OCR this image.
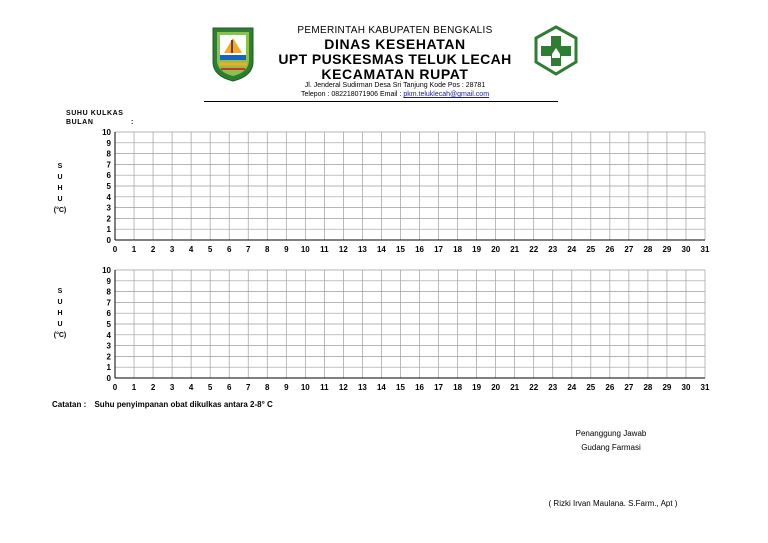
PEMERINTAH KABUPATEN BENGKALIS
DINAS KESEHATAN
UPT PUSKESMAS TELUK LECAH
KECAMATAN RUPAT
Jl. Jenderal Sudirman Desa Sri Tanjung Kode Pos : 28781
Telepon : 082218071906 Email : pkm.teluklecah@gmail.com
SUHU KULKAS
BULAN	:
S
U
H
U
(°C)
S
U
H
U
(°C)
10
9
8
7
6
5
4
3
2
1
0
0 1 2 3 4 5 6 7 8 9 10 11 12 13 14 15 16 17 18 19 20 21 22 23 24 25 26 27 28 29 30 31
10
9
8
7
6
5
4
3
2
1
0
0 1 2 3 4 5 6 7 8 9 10 11 12 13 14 15 16 17 18 19 20 21 22 23 24 25 26 27 28 29 30 31
Catatan : Suhu penyimpanan obat dikulkas antara 2-8° C
Penanggung Jawab
Gudang Farmasi
( Rizki Irvan Maulana. S.Farm., Apt )
